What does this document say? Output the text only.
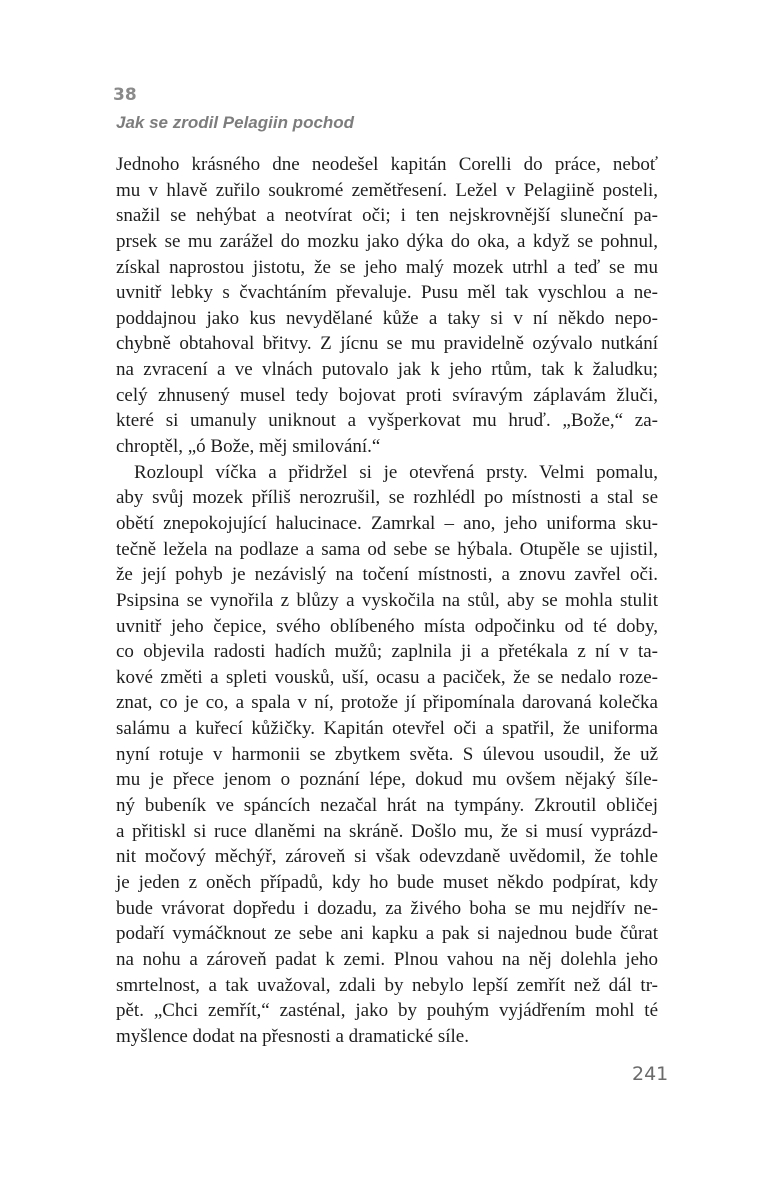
38
Jak se zrodil Pelagiin pochod
Jednoho krásného dne neodešel kapitán Corelli do práce, neboť
mu v hlavě zuřilo soukromé zemětřesení. Ležel v Pelagiině posteli,
snažil se nehýbat a neotvírat oči; i ten nejskrovnější sluneční pa-
prsek se mu zarážel do mozku jako dýka do oka, a když se pohnul,
získal naprostou jistotu, že se jeho malý mozek utrhl a teď se mu
uvnitř lebky s čvachtáním převaluje. Pusu měl tak vyschlou a ne-
poddajnou jako kus nevydělané kůže a taky si v ní někdo nepo-
chybně obtahoval břitvy. Z jícnu se mu pravidelně ozývalo nutkání
na zvracení a ve vlnách putovalo jak k jeho rtům, tak k žaludku;
celý zhnusený musel tedy bojovat proti svíravým záplavám žluči,
které si umanuly uniknout a vyšperkovat mu hruď. „Bože,“ za-
chroptěl, „ó Bože, měj smilování.“
Rozloupl víčka a přidržel si je otevřená prsty. Velmi pomalu,
aby svůj mozek příliš nerozrušil, se rozhlédl po místnosti a stal se
obětí znepokojující halucinace. Zamrkal – ano, jeho uniforma sku-
tečně ležela na podlaze a sama od sebe se hýbala. Otupěle se ujistil,
že její pohyb je nezávislý na točení místnosti, a znovu zavřel oči.
Psipsina se vynořila z blůzy a vyskočila na stůl, aby se mohla stulit
uvnitř jeho čepice, svého oblíbeného místa odpočinku od té doby,
co objevila radosti hadích mužů; zaplnila ji a přetékala z ní v ta-
kové změti a spleti vousků, uší, ocasu a paciček, že se nedalo roze-
znat, co je co, a spala v ní, protože jí připomínala darovaná kolečka
salámu a kuřecí kůžičky. Kapitán otevřel oči a spatřil, že uniforma
nyní rotuje v harmonii se zbytkem světa. S úlevou usoudil, že už
mu je přece jenom o poznání lépe, dokud mu ovšem nějaký šíle-
ný bubeník ve spáncích nezačal hrát na tympány. Zkroutil obličej
a přitiskl si ruce dlaněmi na skráně. Došlo mu, že si musí vyprázd-
nit močový měchýř, zároveň si však odevzdaně uvědomil, že tohle
je jeden z oněch případů, kdy ho bude muset někdo podpírat, kdy
bude vrávorat dopředu i dozadu, za živého boha se mu nejdřív ne-
podaří vymáčknout ze sebe ani kapku a pak si najednou bude čůrat
na nohu a zároveň padat k zemi. Plnou vahou na něj dolehla jeho
smrtelnost, a tak uvažoval, zdali by nebylo lepší zemřít než dál tr-
pět. „Chci zemřít,“ zasténal, jako by pouhým vyjádřením mohl té
myšlence dodat na přesnosti a dramatické síle.
241
